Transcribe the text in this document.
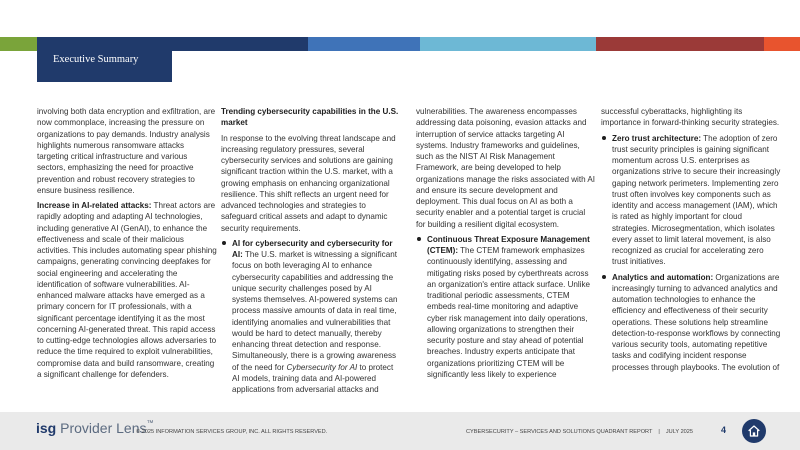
Executive Summary

involving both data encryption and exfiltration, are now commonplace, increasing the pressure on organizations to pay demands. Industry analysis highlights numerous ransomware attacks targeting critical infrastructure and various sectors, emphasizing the need for proactive prevention and robust recovery strategies to ensure business resilience.

Increase in AI-related attacks: Threat actors are rapidly adopting and adapting AI technologies, including generative AI (GenAI), to enhance the effectiveness and scale of their malicious activities. This includes automating spear phishing campaigns, generating convincing deepfakes for social engineering and accelerating the identification of software vulnerabilities. AI-enhanced malware attacks have emerged as a primary concern for IT professionals, with a significant percentage identifying it as the most concerning AI-generated threat. This rapid access to cutting-edge technologies allows adversaries to reduce the time required to exploit vulnerabilities, compromise data and build ransomware, creating a significant challenge for defenders.

Trending cybersecurity capabilities in the U.S. market

In response to the evolving threat landscape and increasing regulatory pressures, several cybersecurity services and solutions are gaining significant traction within the U.S. market, with a growing emphasis on enhancing organizational resilience. This shift reflects an urgent need for advanced technologies and strategies to safeguard critical assets and adapt to dynamic security requirements.

AI for cybersecurity and cybersecurity for AI: The U.S. market is witnessing a significant focus on both leveraging AI to enhance cybersecurity capabilities and addressing the unique security challenges posed by AI systems themselves. AI-powered systems can process massive amounts of data in real time, identifying anomalies and vulnerabilities that would be hard to detect manually, thereby enhancing threat detection and response. Simultaneously, there is a growing awareness of the need for Cybersecurity for AI to protect AI models, training data and AI-powered applications from adversarial attacks and

vulnerabilities. The awareness encompasses addressing data poisoning, evasion attacks and interruption of service attacks targeting AI systems. Industry frameworks and guidelines, such as the NIST AI Risk Management Framework, are being developed to help organizations manage the risks associated with AI and ensure its secure development and deployment. This dual focus on AI as both a security enabler and a potential target is crucial for building a resilient digital ecosystem.

Continuous Threat Exposure Management (CTEM): The CTEM framework emphasizes continuously identifying, assessing and mitigating risks posed by cyberthreats across an organization's entire attack surface. Unlike traditional periodic assessments, CTEM embeds real-time monitoring and adaptive cyber risk management into daily operations, allowing organizations to strengthen their security posture and stay ahead of potential breaches. Industry experts anticipate that organizations prioritizing CTEM will be significantly less likely to experience

successful cyberattacks, highlighting its importance in forward-thinking security strategies.

Zero trust architecture: The adoption of zero trust security principles is gaining significant momentum across U.S. enterprises as organizations strive to secure their increasingly gaping network perimeters. Implementing zero trust often involves key components such as identity and access management (IAM), which is rated as highly important for cloud strategies. Microsegmentation, which isolates every asset to limit lateral movement, is also recognized as crucial for accelerating zero trust initiatives.

Analytics and automation: Organizations are increasingly turning to advanced analytics and automation technologies to enhance the efficiency and effectiveness of their security operations. These solutions help streamline detection-to-response workflows by connecting various security tools, automating repetitive tasks and codifying incident response processes through playbooks. The evolution of

isg Provider Lens™
© 2025 INFORMATION SERVICES GROUP, INC. ALL RIGHTS RESERVED.	CYBERSECURITY – SERVICES AND SOLUTIONS QUADRANT REPORT | JULY 2025	4
